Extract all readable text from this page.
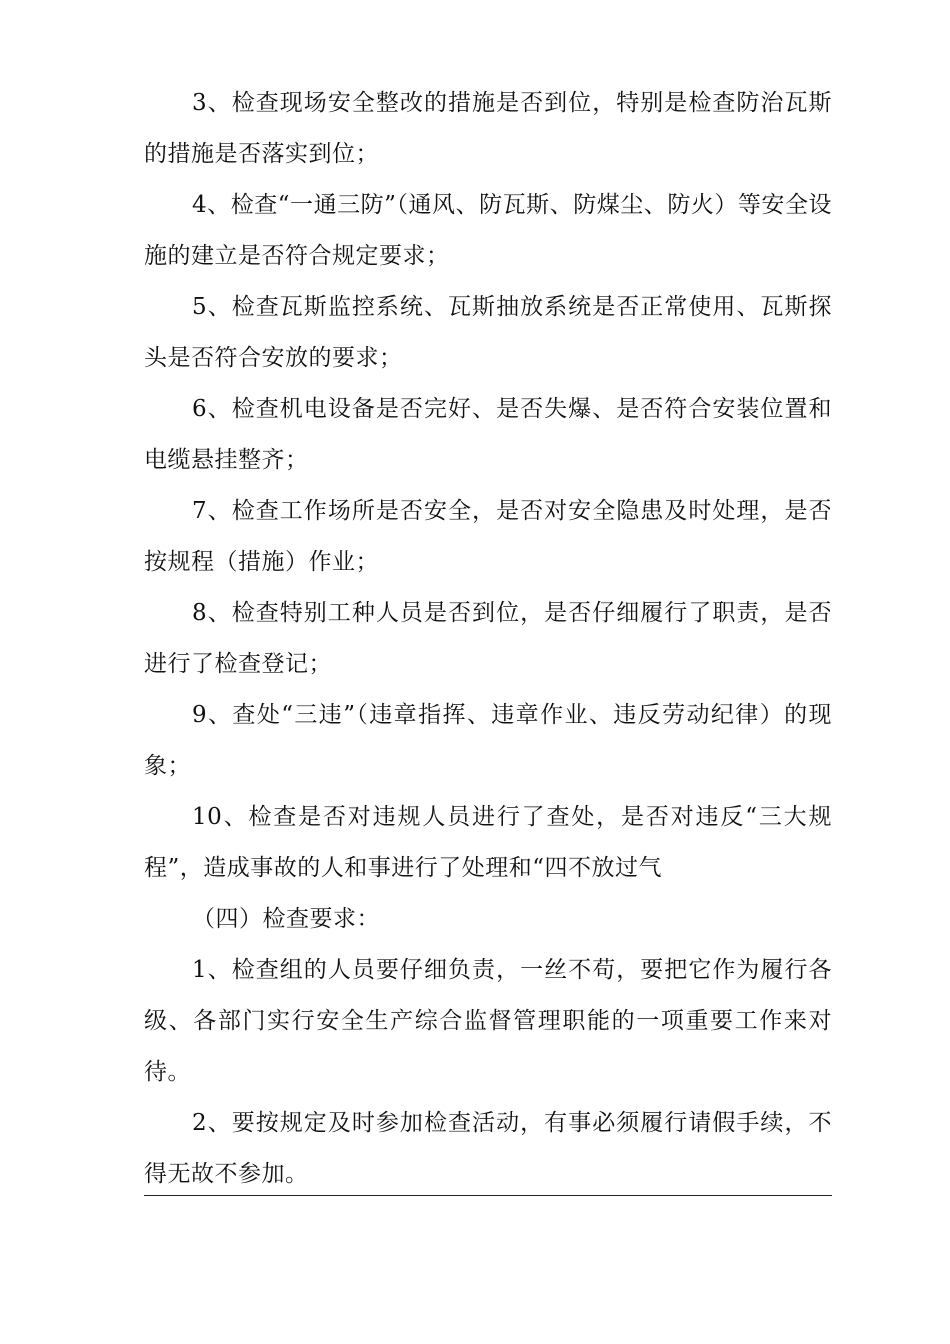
3、检查现场安全整改的措施是否到位，特别是检查防治瓦斯的措施是否落实到位；

4、检查“一通三防”（通风、防瓦斯、防煤尘、防火）等安全设施的建立是否符合规定要求；

5、检查瓦斯监控系统、瓦斯抽放系统是否正常使用、瓦斯探头是否符合安放的要求；

6、检查机电设备是否完好、是否失爆、是否符合安装位置和电缆悬挂整齐；

7、检查工作场所是否安全，是否对安全隐患及时处理，是否按规程（措施）作业；

8、检查特别工种人员是否到位，是否仔细履行了职责，是否进行了检查登记；

9、查处“三违”（违章指挥、违章作业、违反劳动纪律）的现象；

10、检查是否对违规人员进行了查处，是否对违反“三大规程”，造成事故的人和事进行了处理和“四不放过气

（四）检查要求：

1、检查组的人员要仔细负责，一丝不苟，要把它作为履行各级、各部门实行安全生产综合监督管理职能的一项重要工作来对待。

2、要按规定及时参加检查活动，有事必须履行请假手续，不得无故不参加。
